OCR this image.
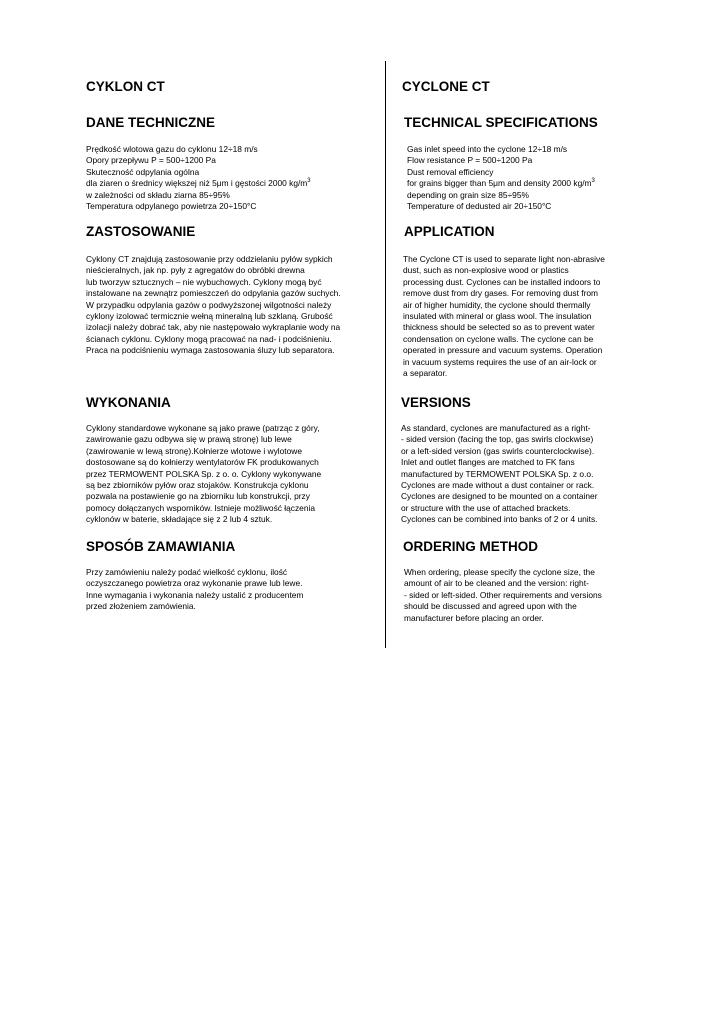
CYKLON CT
DANE TECHNICZNE
Prędkość wlotowa gazu do cyklonu 12÷18 m/s
Opory przepływu P = 500÷1200 Pa
Skuteczność odpylania ogólna
dla ziaren o średnicy większej niż 5μm i gęstości 2000 $kg/m^3$
w zależności od składu ziarna 85÷95%
Temperatura odpylanego powietrza 20÷150°C
ZASTOSOWANIE
Cyklony CT znajdują zastosowanie przy oddzielaniu pyłów sypkich
nieścieralnych, jak np. pyły z agregatów do obróbki drewna
lub tworzyw sztucznych – nie wybuchowych. Cyklony mogą być
instalowane na zewnątrz pomieszczeń do odpylania gazów suchych.
W przypadku odpylania gazów o podwyższonej wilgotności należy
cyklony izolować termicznie wełną mineralną lub szklaną. Grubość
izolacji należy dobrać tak, aby nie następowało wykraplanie wody na
ścianach cyklonu. Cyklony mogą pracować na nad- i podciśnieniu.
Praca na podciśnieniu wymaga zastosowania śluzy lub separatora.
WYKONANIA
Cyklony standardowe wykonane są jako prawe (patrząc z góry,
zawirowanie gazu odbywa się w prawą stronę) lub lewe
(zawirowanie w lewą stronę).Kołnierze wlotowe i wylotowe
dostosowane są do kołnierzy wentylatorów FK produkowanych
przez TERMOWENT POLSKA Sp. z o. o. Cyklony wykonywane
są bez zbiorników pyłów oraz stojaków. Konstrukcja cyklonu
pozwala na postawienie go na zbiorniku lub konstrukcji, przy
pomocy dołączanych wsporników. Istnieje możliwość łączenia
cyklonów w baterie, składające się z 2 lub 4 sztuk.
SPOSÓB ZAMAWIANIA
Przy zamówieniu należy podać wielkość cyklonu, ilość
oczyszczanego powietrza oraz wykonanie prawe lub lewe.
Inne wymagania i wykonania należy ustalić z producentem
przed złożeniem zamówienia.
CYCLONE CT
TECHNICAL SPECIFICATIONS
Gas inlet speed into the cyclone 12÷18 m/s
Flow resistance P = 500÷1200 Pa
Dust removal efficiency
for grains bigger than 5μm and density 2000 $kg/m^3$
depending on grain size 85÷95%
Temperature of dedusted air 20÷150°C
APPLICATION
The Cyclone CT is used to separate light non-abrasive
dust, such as non-explosive wood or plastics
processing dust. Cyclones can be installed indoors to
remove dust from dry gases. For removing dust from
air of higher humidity, the cyclone should thermally
insulated with mineral or glass wool. The insulation
thickness should be selected so as to prevent water
condensation on cyclone walls. The cyclone can be
operated in pressure and vacuum systems. Operation
in vacuum systems requires the use of an air-lock or
a separator.
VERSIONS
As standard, cyclones are manufactured as a right-
- sided version (facing the top, gas swirls clockwise)
or a left-sided version (gas swirls counterclockwise).
Inlet and outlet flanges are matched to FK fans
manufactured by TERMOWENT POLSKA Sp. z o.o.
Cyclones are made without a dust container or rack.
Cyclones are designed to be mounted on a container
or structure with the use of attached brackets.
Cyclones can be combined into banks of 2 or 4 units.
ORDERING METHOD
When ordering, please specify the cyclone size, the
amount of air to be cleaned and the version: right-
- sided or left-sided. Other requirements and versions
should be discussed and agreed upon with the
manufacturer before placing an order.
